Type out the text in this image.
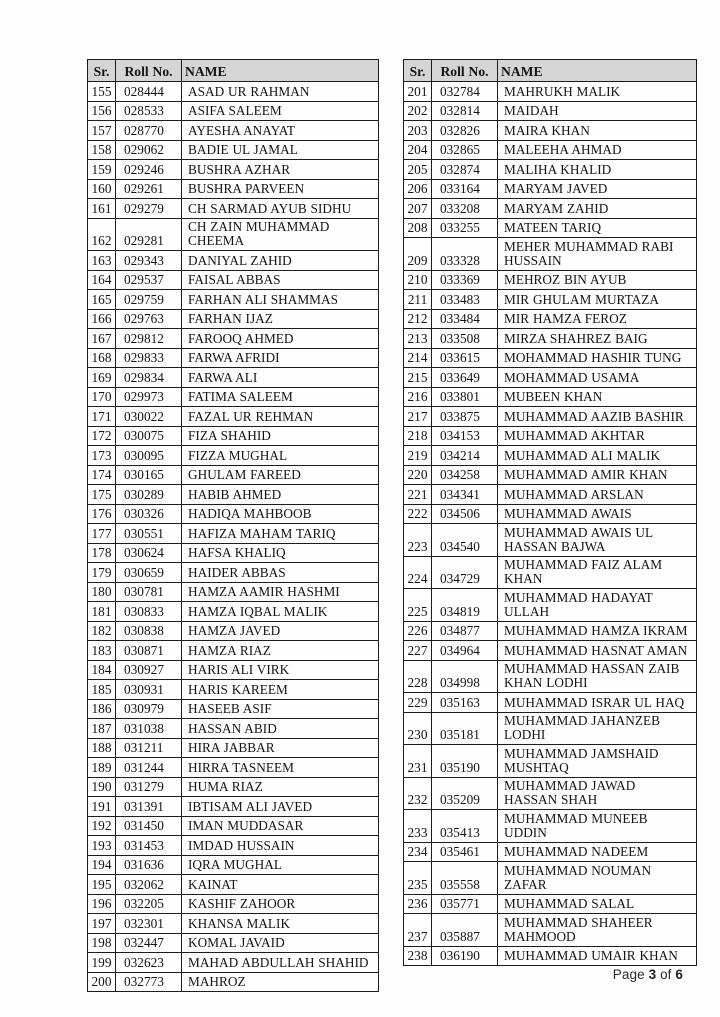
Sr.	Roll No.	NAME
155	028444	ASAD UR RAHMAN
156	028533	ASIFA SALEEM
157	028770	AYESHA ANAYAT
158	029062	BADIE UL JAMAL
159	029246	BUSHRA AZHAR
160	029261	BUSHRA PARVEEN
161	029279	CH SARMAD AYUB SIDHU
162	029281	CH ZAIN MUHAMMAD CHEEMA
163	029343	DANIYAL ZAHID
164	029537	FAISAL ABBAS
165	029759	FARHAN ALI SHAMMAS
166	029763	FARHAN IJAZ
167	029812	FAROOQ AHMED
168	029833	FARWA AFRIDI
169	029834	FARWA ALI
170	029973	FATIMA SALEEM
171	030022	FAZAL UR REHMAN
172	030075	FIZA SHAHID
173	030095	FIZZA MUGHAL
174	030165	GHULAM FAREED
175	030289	HABIB AHMED
176	030326	HADIQA MAHBOOB
177	030551	HAFIZA MAHAM TARIQ
178	030624	HAFSA KHALIQ
179	030659	HAIDER ABBAS
180	030781	HAMZA AAMIR HASHMI
181	030833	HAMZA IQBAL MALIK
182	030838	HAMZA JAVED
183	030871	HAMZA RIAZ
184	030927	HARIS ALI VIRK
185	030931	HARIS KAREEM
186	030979	HASEEB ASIF
187	031038	HASSAN ABID
188	031211	HIRA JABBAR
189	031244	HIRRA TASNEEM
190	031279	HUMA RIAZ
191	031391	IBTISAM ALI JAVED
192	031450	IMAN MUDDASAR
193	031453	IMDAD HUSSAIN
194	031636	IQRA MUGHAL
195	032062	KAINAT
196	032205	KASHIF ZAHOOR
197	032301	KHANSA MALIK
198	032447	KOMAL JAVAID
199	032623	MAHAD ABDULLAH SHAHID
200	032773	MAHROZ
Sr.	Roll No.	NAME
201	032784	MAHRUKH MALIK
202	032814	MAIDAH
203	032826	MAIRA KHAN
204	032865	MALEEHA AHMAD
205	032874	MALIHA KHALID
206	033164	MARYAM JAVED
207	033208	MARYAM ZAHID
208	033255	MATEEN TARIQ
209	033328	MEHER MUHAMMAD RABI HUSSAIN
210	033369	MEHROZ BIN AYUB
211	033483	MIR GHULAM MURTAZA
212	033484	MIR HAMZA FEROZ
213	033508	MIRZA SHAHREZ BAIG
214	033615	MOHAMMAD HASHIR TUNG
215	033649	MOHAMMAD USAMA
216	033801	MUBEEN KHAN
217	033875	MUHAMMAD AAZIB BASHIR
218	034153	MUHAMMAD AKHTAR
219	034214	MUHAMMAD ALI MALIK
220	034258	MUHAMMAD AMIR KHAN
221	034341	MUHAMMAD ARSLAN
222	034506	MUHAMMAD AWAIS
223	034540	MUHAMMAD AWAIS UL HASSAN BAJWA
224	034729	MUHAMMAD FAIZ ALAM KHAN
225	034819	MUHAMMAD HADAYAT ULLAH
226	034877	MUHAMMAD HAMZA IKRAM
227	034964	MUHAMMAD HASNAT AMAN
228	034998	MUHAMMAD HASSAN ZAIB KHAN LODHI
229	035163	MUHAMMAD ISRAR UL HAQ
230	035181	MUHAMMAD JAHANZEB LODHI
231	035190	MUHAMMAD JAMSHAID MUSHTAQ
232	035209	MUHAMMAD JAWAD HASSAN SHAH
233	035413	MUHAMMAD MUNEEB UDDIN
234	035461	MUHAMMAD NADEEM
235	035558	MUHAMMAD NOUMAN ZAFAR
236	035771	MUHAMMAD SALAL
237	035887	MUHAMMAD SHAHEER MAHMOOD
238	036190	MUHAMMAD UMAIR KHAN
Page 3 of 6
